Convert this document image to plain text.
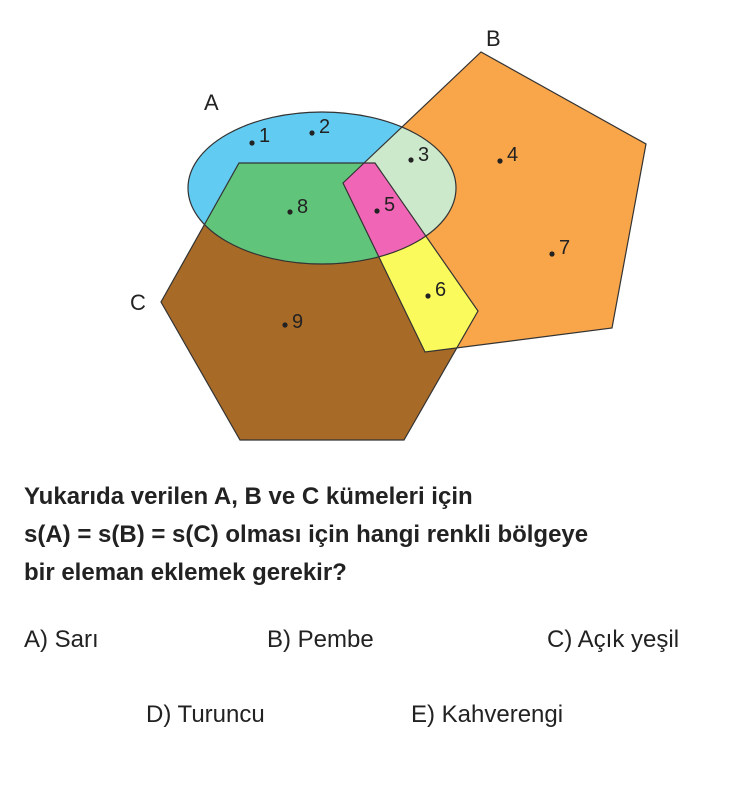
A
B
C
1 2
3	4
5
6
7
8
9
Yukarıda verilen A, B ve C kümeleri için
s(A) = s(B) = s(C) olması için hangi renkli bölgeye
bir eleman eklemek gerekir?
A) Sarı	B) Pembe	C) Açık yeşil
D) Turuncu	E) Kahverengi
